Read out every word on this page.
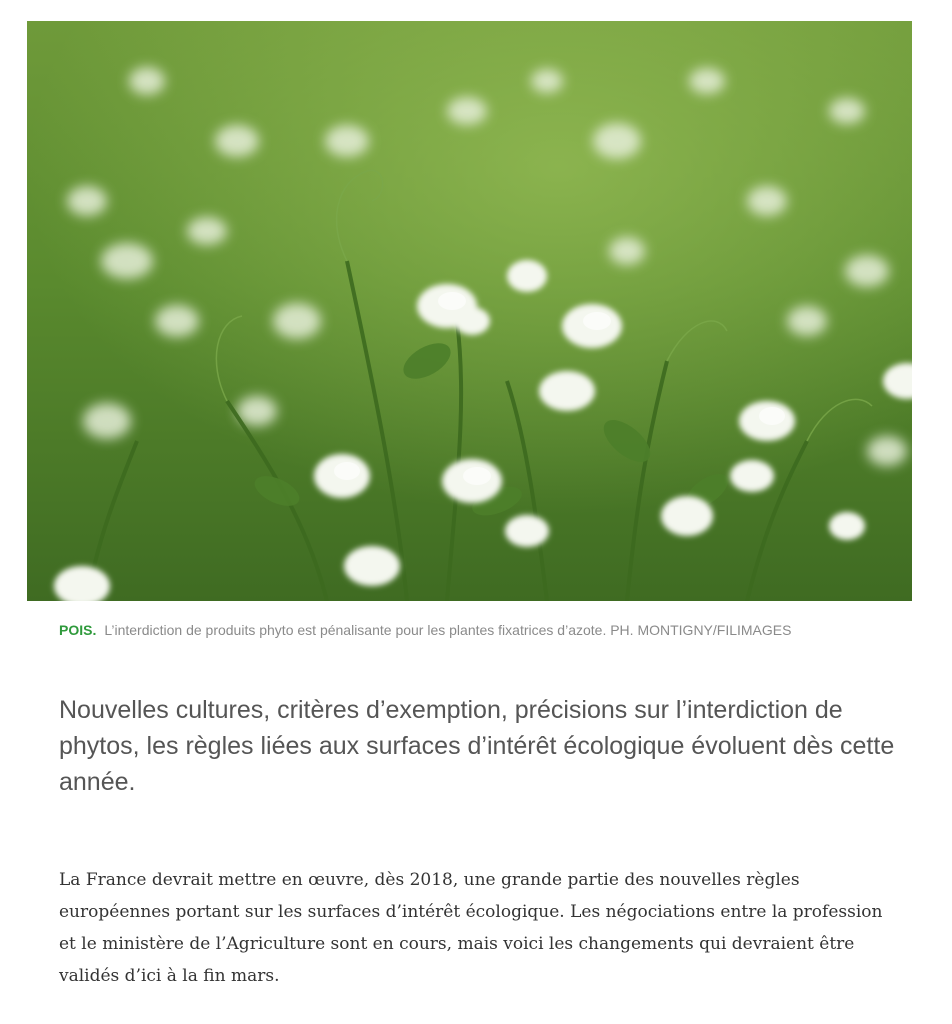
POIS. L’interdiction de produits phyto est pénalisante pour les plantes fixatrices d’azote. PH. MONTIGNY/FILIMAGES

Nouvelles cultures, critères d’exemption, précisions sur l’interdiction de phytos, les règles liées aux surfaces d’intérêt écologique évoluent dès cette année.

La France devrait mettre en œuvre, dès 2018, une grande partie des nouvelles règles européennes portant sur les surfaces d’intérêt écologique. Les négociations entre la profession et le ministère de l’Agriculture sont en cours, mais voici les changements qui devraient être validés d’ici à la fin mars.
